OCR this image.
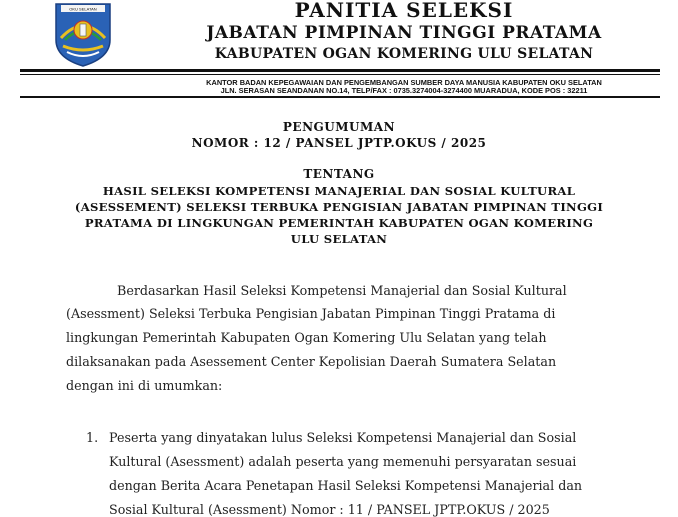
OKU SELATAN	PANITIA SELEKSI
JABATAN PIMPINAN TINGGI PRATAMA
KABUPATEN OGAN KOMERING ULU SELATAN
KANTOR BADAN KEPEGAWAIAN DAN PENGEMBANGAN SUMBER DAYA MANUSIA KABUPATEN OKU SELATAN
JLN. SERASAN SEANDANAN NO.14, TELP/FAX : 0735.3274004-3274400 MUARADUA, KODE POS : 32211
PENGUMUMAN
NOMOR : 12 / PANSEL JPTP.OKUS / 2025
TENTANG
HASIL SELEKSI KOMPETENSI MANAJERIAL DAN SOSIAL KULTURAL
(ASESSEMENT) SELEKSI TERBUKA PENGISIAN JABATAN PIMPINAN TINGGI
PRATAMA DI LINGKUNGAN PEMERINTAH KABUPATEN OGAN KOMERING
ULU SELATAN
Berdasarkan Hasil Seleksi Kompetensi Manajerial dan Sosial Kultural
(Asessment) Seleksi Terbuka Pengisian Jabatan Pimpinan Tinggi Pratama di
lingkungan Pemerintah Kabupaten Ogan Komering Ulu Selatan yang telah
dilaksanakan pada Asessement Center Kepolisian Daerah Sumatera Selatan
dengan ini di umumkan:
1. Peserta yang dinyatakan lulus Seleksi Kompetensi Manajerial dan Sosial
Kultural (Asessment) adalah peserta yang memenuhi persyaratan sesuai
dengan Berita Acara Penetapan Hasil Seleksi Kompetensi Manajerial dan
Sosial Kultural (Asessment) Nomor : 11 / PANSEL JPTP.OKUS / 2025
